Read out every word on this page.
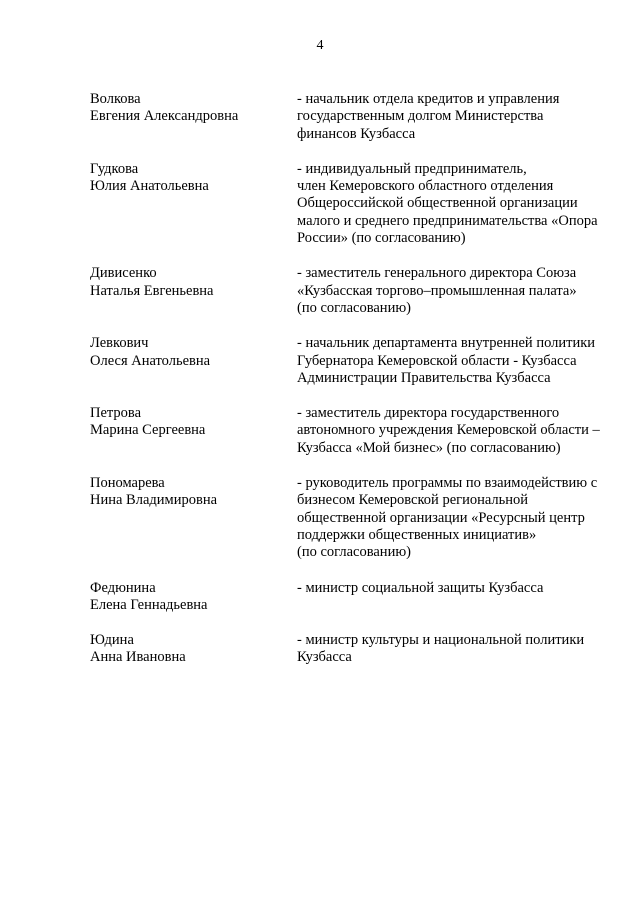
4
Волкова
Евгения Александровна
- начальник отдела кредитов и управления
государственным долгом Министерства
финансов Кузбасса
Гудкова
Юлия Анатольевна
- индивидуальный предприниматель,
член Кемеровского областного отделения
Общероссийской общественной организации
малого и среднего предпринимательства «Опора
России» (по согласованию)
Дивисенко
Наталья Евгеньевна
- заместитель генерального директора Союза
«Кузбасская торгово–промышленная палата»
(по согласованию)
Левкович
Олеся Анатольевна
- начальник департамента внутренней политики
Губернатора Кемеровской области - Кузбасса
Администрации Правительства Кузбасса
Петрова
Марина Сергеевна
- заместитель директора государственного
автономного учреждения Кемеровской области –
Кузбасса «Мой бизнес» (по согласованию)
Пономарева
Нина Владимировна
- руководитель программы по взаимодействию с
бизнесом Кемеровской региональной
общественной организации «Ресурсный центр
поддержки общественных инициатив»
(по согласованию)
Федюнина
Елена Геннадьевна
- министр социальной защиты Кузбасса
Юдина
Анна Ивановна
- министр культуры и национальной политики
Кузбасса
